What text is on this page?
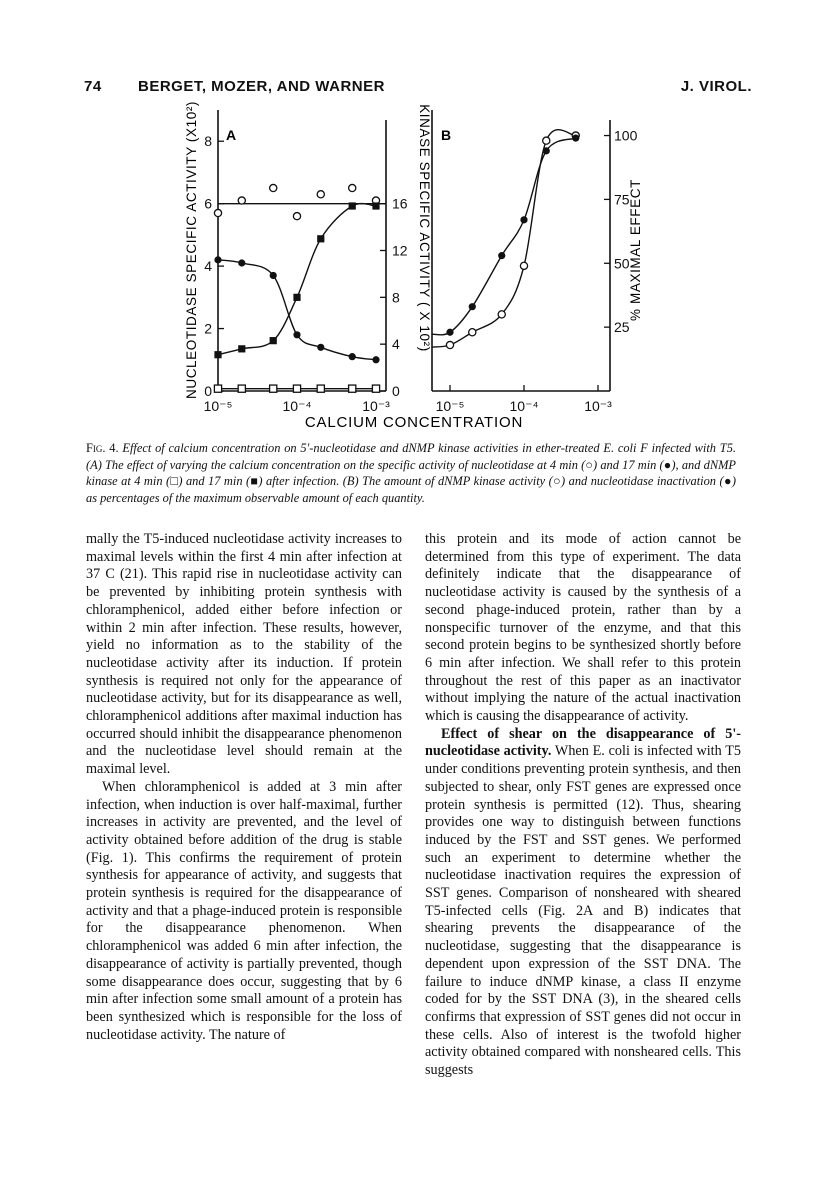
74 BERGET, MOZER, AND WARNER	J. VIROL.
10⁻⁵	10⁻⁴	10⁻³	10⁻⁵	10⁻⁴	10⁻³
0
2
4
6
8
0
4
8
12
16
25
50
75
100
CALCIUM CONCENTRATION
A	B
NUCLEOTIDASE SPECIFIC ACTIVITY (X10²)	KINASE SPECIFIC ACTIVITY ( X 10²)	% MAXIMAL EFFECT
Fig. 4. Effect of calcium concentration on 5'-nucleotidase and dNMP kinase activities in ether-treated E. coli F infected with T5. (A) The effect of varying the calcium concentration on the specific activity of nucleotidase at 4 min (○) and 17 min (●), and dNMP kinase at 4 min (□) and 17 min (■) after infection. (B) The amount of dNMP kinase activity (○) and nucleotidase inactivation (●) as percentages of the maximum observable amount of each quantity.

mally the T5-induced nucleotidase activity increases to maximal levels within the first 4 min after infection at 37 C (21). This rapid rise in nucleotidase activity can be prevented by inhibiting protein synthesis with chloramphenicol, added either before infection or within 2 min after infection. These results, however, yield no information as to the stability of the nucleotidase activity after its induction. If protein synthesis is required not only for the appearance of nucleotidase activity, but for its disappearance as well, chloramphenicol additions after maximal induction has occurred should inhibit the disappearance phenomenon and the nucleotidase level should remain at the maximal level.

When chloramphenicol is added at 3 min after infection, when induction is over half-maximal, further increases in activity are prevented, and the level of activity obtained before addition of the drug is stable (Fig. 1). This confirms the requirement of protein synthesis for appearance of activity, and suggests that protein synthesis is required for the disappearance of activity and that a phage-induced protein is responsible for the disappearance phenomenon. When chloramphenicol was added 6 min after infection, the disappearance of activity is partially prevented, though some disappearance does occur, suggesting that by 6 min after infection some small amount of a protein has been synthesized which is responsible for the loss of nucleotidase activity. The nature of

this protein and its mode of action cannot be determined from this type of experiment. The data definitely indicate that the disappearance of nucleotidase activity is caused by the synthesis of a second phage-induced protein, rather than by a nonspecific turnover of the enzyme, and that this second protein begins to be synthesized shortly before 6 min after infection. We shall refer to this protein throughout the rest of this paper as an inactivator without implying the nature of the actual inactivation which is causing the disappearance of activity.

Effect of shear on the disappearance of 5'-nucleotidase activity. When E. coli is infected with T5 under conditions preventing protein synthesis, and then subjected to shear, only FST genes are expressed once protein synthesis is permitted (12). Thus, shearing provides one way to distinguish between functions induced by the FST and SST genes. We performed such an experiment to determine whether the nucleotidase inactivation requires the expression of SST genes. Comparison of nonsheared with sheared T5-infected cells (Fig. 2A and B) indicates that shearing prevents the disappearance of the nucleotidase, suggesting that the disappearance is dependent upon expression of the SST DNA. The failure to induce dNMP kinase, a class II enzyme coded for by the SST DNA (3), in the sheared cells confirms that expression of SST genes did not occur in these cells. Also of interest is the twofold higher activity obtained compared with nonsheared cells. This suggests
